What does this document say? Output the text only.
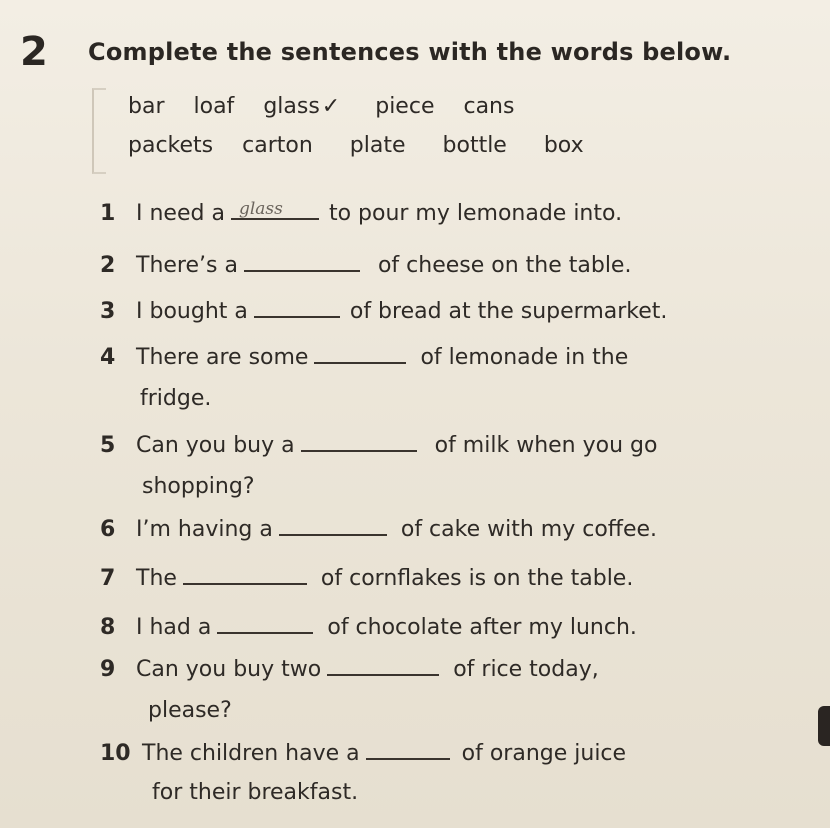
2 Complete the sentences with the words below.
bar loaf glass✓ piece cans
packets carton plate bottle box
1 I need a glass to pour my lemonade into.
2 There’s a	of cheese on the table.
3 I bought a	of bread at the supermarket.
4 There are some	of lemonade in the
fridge.
5 Can you buy a	of milk when you go
shopping?
6 I’m having a	of cake with my coffee.
7 The	of cornflakes is on the table.
8 I had a	of chocolate after my lunch.
9 Can you buy two	of rice today,
please?
10 The children have a	of orange juice
for their breakfast.
